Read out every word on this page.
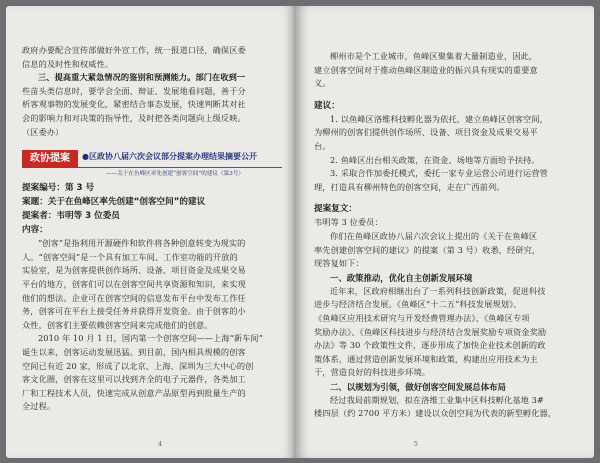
政府办要配合宣传部做好外宣工作，统一报道口径，确保区委

信息的及时性和权威性。

三、提高重大紧急情况的鉴别和预测能力。部门在收到一

些苗头类信息时，要学会全面、辩证、发展地看问题，善于分

析客观事物的发展变化，紧密结合事态发展，快速判断其对社

会的影响力和对决策的指导性，及时把各类问题向上级反映。

（区委办）

政协提案	●区政协八届六次会议部分提案办理结果摘要公开
——关于在鱼峰区率先创建“创客空间”的建议（第3号）
提案编号：第 3 号
案题：关于在鱼峰区率先创建“创客空间”的建议
提案者：韦明等 3 位委员
内容：

“创客”是指利用开源硬件和软件将各种创意转变为现实的

人。“创客空间”是一个具有加工车间、工作室功能的开放的

实验室，是为创客提供创作场所、设备、项目资金及成果交易

平台的地方，创客们可以在创客空间共享资源和知识，来实现

他们的想法。企业可在创客空间的信息发布平台中发布工作任

务，创客可在平台上接受任务并获得开发资金。由于创客的小

众性，创客们主要依赖创客空间来完成他们的创意。

2010 年 10 月 1 日，国内第一个创客空间——上海“新车间”

诞生以来，创客运动发展迅猛。到目前，国内相具规模的创客

空间已有近 20 家，形成了以北京、上海、深圳为三大中心的创

客文化圈，创客在这里可以找到齐全的电子元器件，各类加工

厂和工程技术人员，快速完成从创意产品原型再到批量生产的

全过程。

4

柳州市是个工业城市，鱼峰区聚集着大量制造业，因此，

建立创客空间对于推动鱼峰区制造业的振兴具有现实的重要意

义。

建议：

1. 以鱼峰区洛维科技孵化器为依托，建立鱼峰区创客空间，

为柳州的创客们提供创作场所、设备、项目资金及成果交易平

台。

2. 鱼峰区出台相关政策，在资金、场地等方面给予扶持。

3. 采取合作加委托模式，委托一家专业运营公司进行运营管

理，打造具有柳州特色的创客空间，走在广西前列。

提案复文：

韦明等 3 位委员：

你们在鱼峰区政协八届六次会议上提出的《关于在鱼峰区

率先创建创客空间的建议》的提案（第 3 号）收悉，经研究，

现答复如下：

一、政策推动，优化自主创新发展环境

近年来，区政府相继出台了一系列科技创新政策，促进科技

进步与经济结合发展。《鱼峰区“十二五”科技发展规划》、

《鱼峰区应用技术研究与开发经费管理办法》、《鱼峰区专项

奖励办法》、《鱼峰区科技进步与经济结合发展奖励专项资金奖励

办法》等 30 个政策性文件，逐步形成了加快企业技术创新的政

策体系，通过营造创新发展环境和政策，构建出应用技术为主

干，营造良好的科技进步环境。

二、以规划为引领，做好创客空间发展总体布局

经过我局前期规划，拟在洛维工业集中区科技孵化基地 3#

楼四层（约 2700 平方米）建设以众创空间为代表的新型孵化器，

5
